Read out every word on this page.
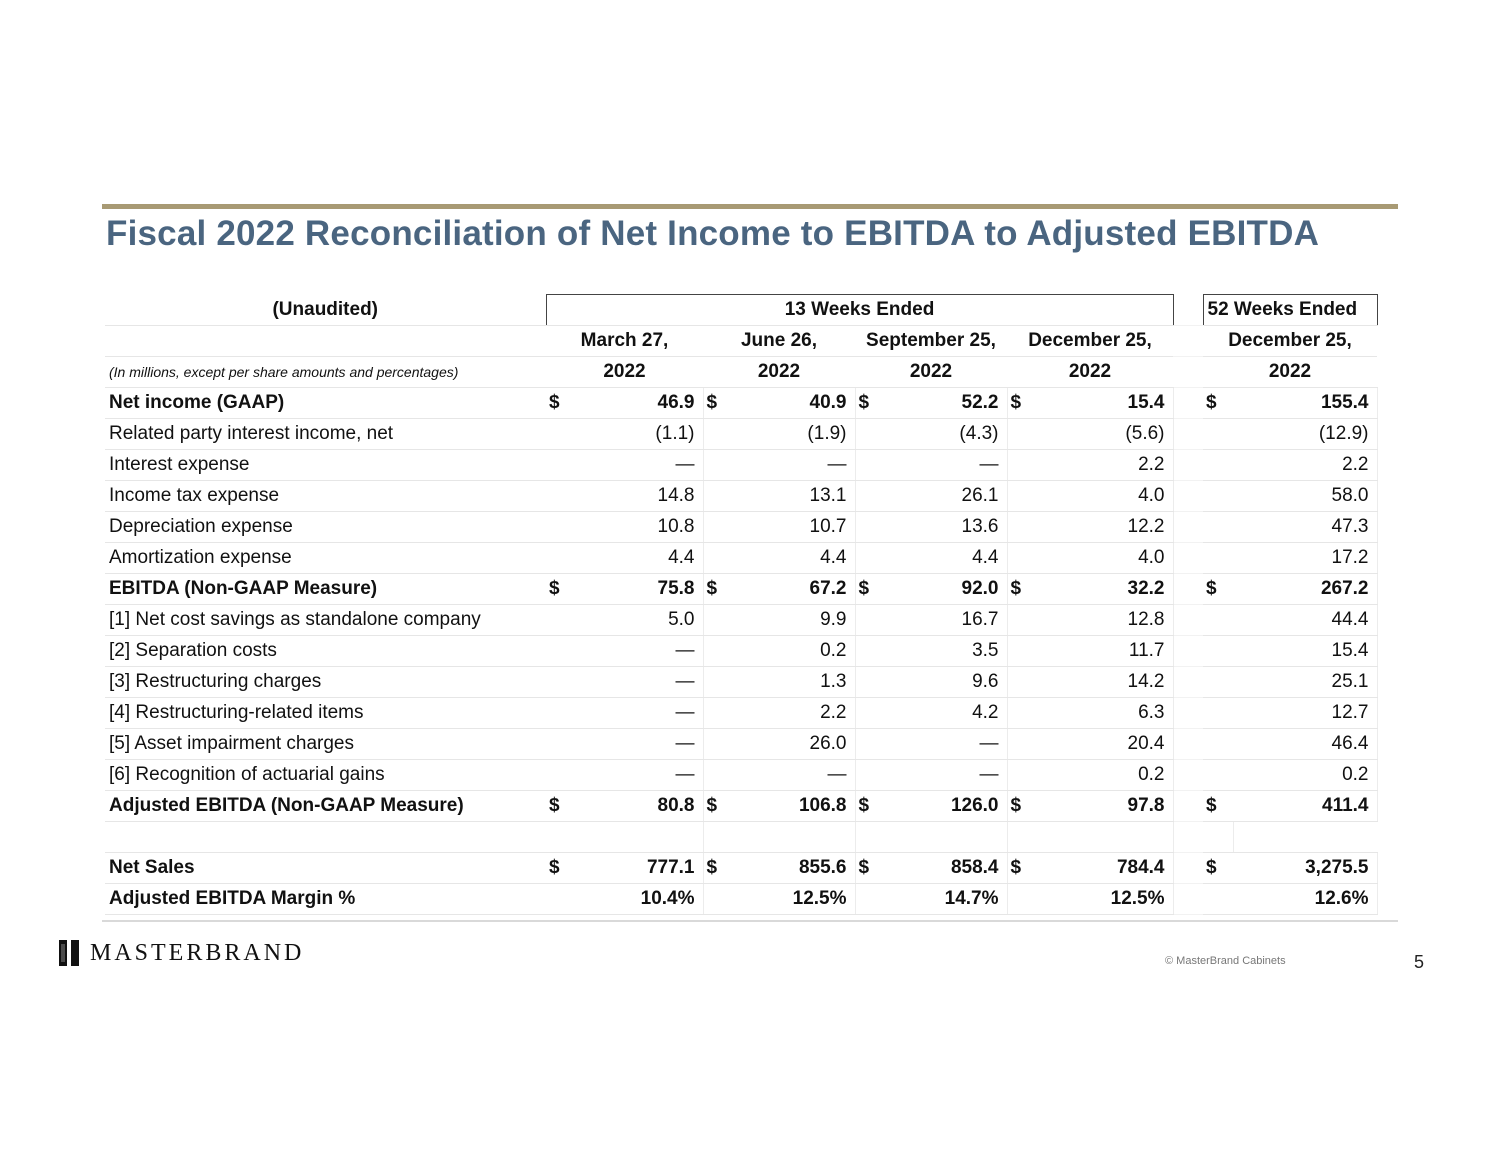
Fiscal 2022 Reconciliation of Net Income to EBITDA to Adjusted EBITDA
(Unaudited)	13 Weeks Ended									52 Weeks Ended	
	March 27,		June 26,		September 25,		December 25,			December 25,	
(In millions, except per share amounts and percentages)	2022		2022		2022		2022			2022	
Net income (GAAP)	$	46.9	$	40.9	$	52.2	$	15.4		$	155.4
Related party interest income, net		(1.1)		(1.9)		(4.3)		(5.6)			(12.9)
Interest expense		—		—		—		2.2			2.2
Income tax expense		14.8		13.1		26.1		4.0			58.0
Depreciation expense		10.8		10.7		13.6		12.2			47.3
Amortization expense		4.4		4.4		4.4		4.0			17.2
EBITDA (Non-GAAP Measure)	$	75.8	$	67.2	$	92.0	$	32.2		$	267.2
[1] Net cost savings as standalone company		5.0		9.9		16.7		12.8			44.4
[2] Separation costs		—		0.2		3.5		11.7			15.4
[3] Restructuring charges		—		1.3		9.6		14.2			25.1
[4] Restructuring-related items		—		2.2		4.2		6.3			12.7
[5] Asset impairment charges		—		26.0		—		20.4			46.4
[6] Recognition of actuarial gains		—		—		—		0.2			0.2
Adjusted EBITDA (Non-GAAP Measure)	$	80.8	$	106.8	$	126.0	$	97.8		$	411.4

Net Sales	$	777.1	$	855.6	$	858.4	$	784.4		$	3,275.5
Adjusted EBITDA Margin %		10.4%		12.5%		14.7%		12.5%			12.6%
MASTERBRAND	© MasterBrand Cabinets	5
